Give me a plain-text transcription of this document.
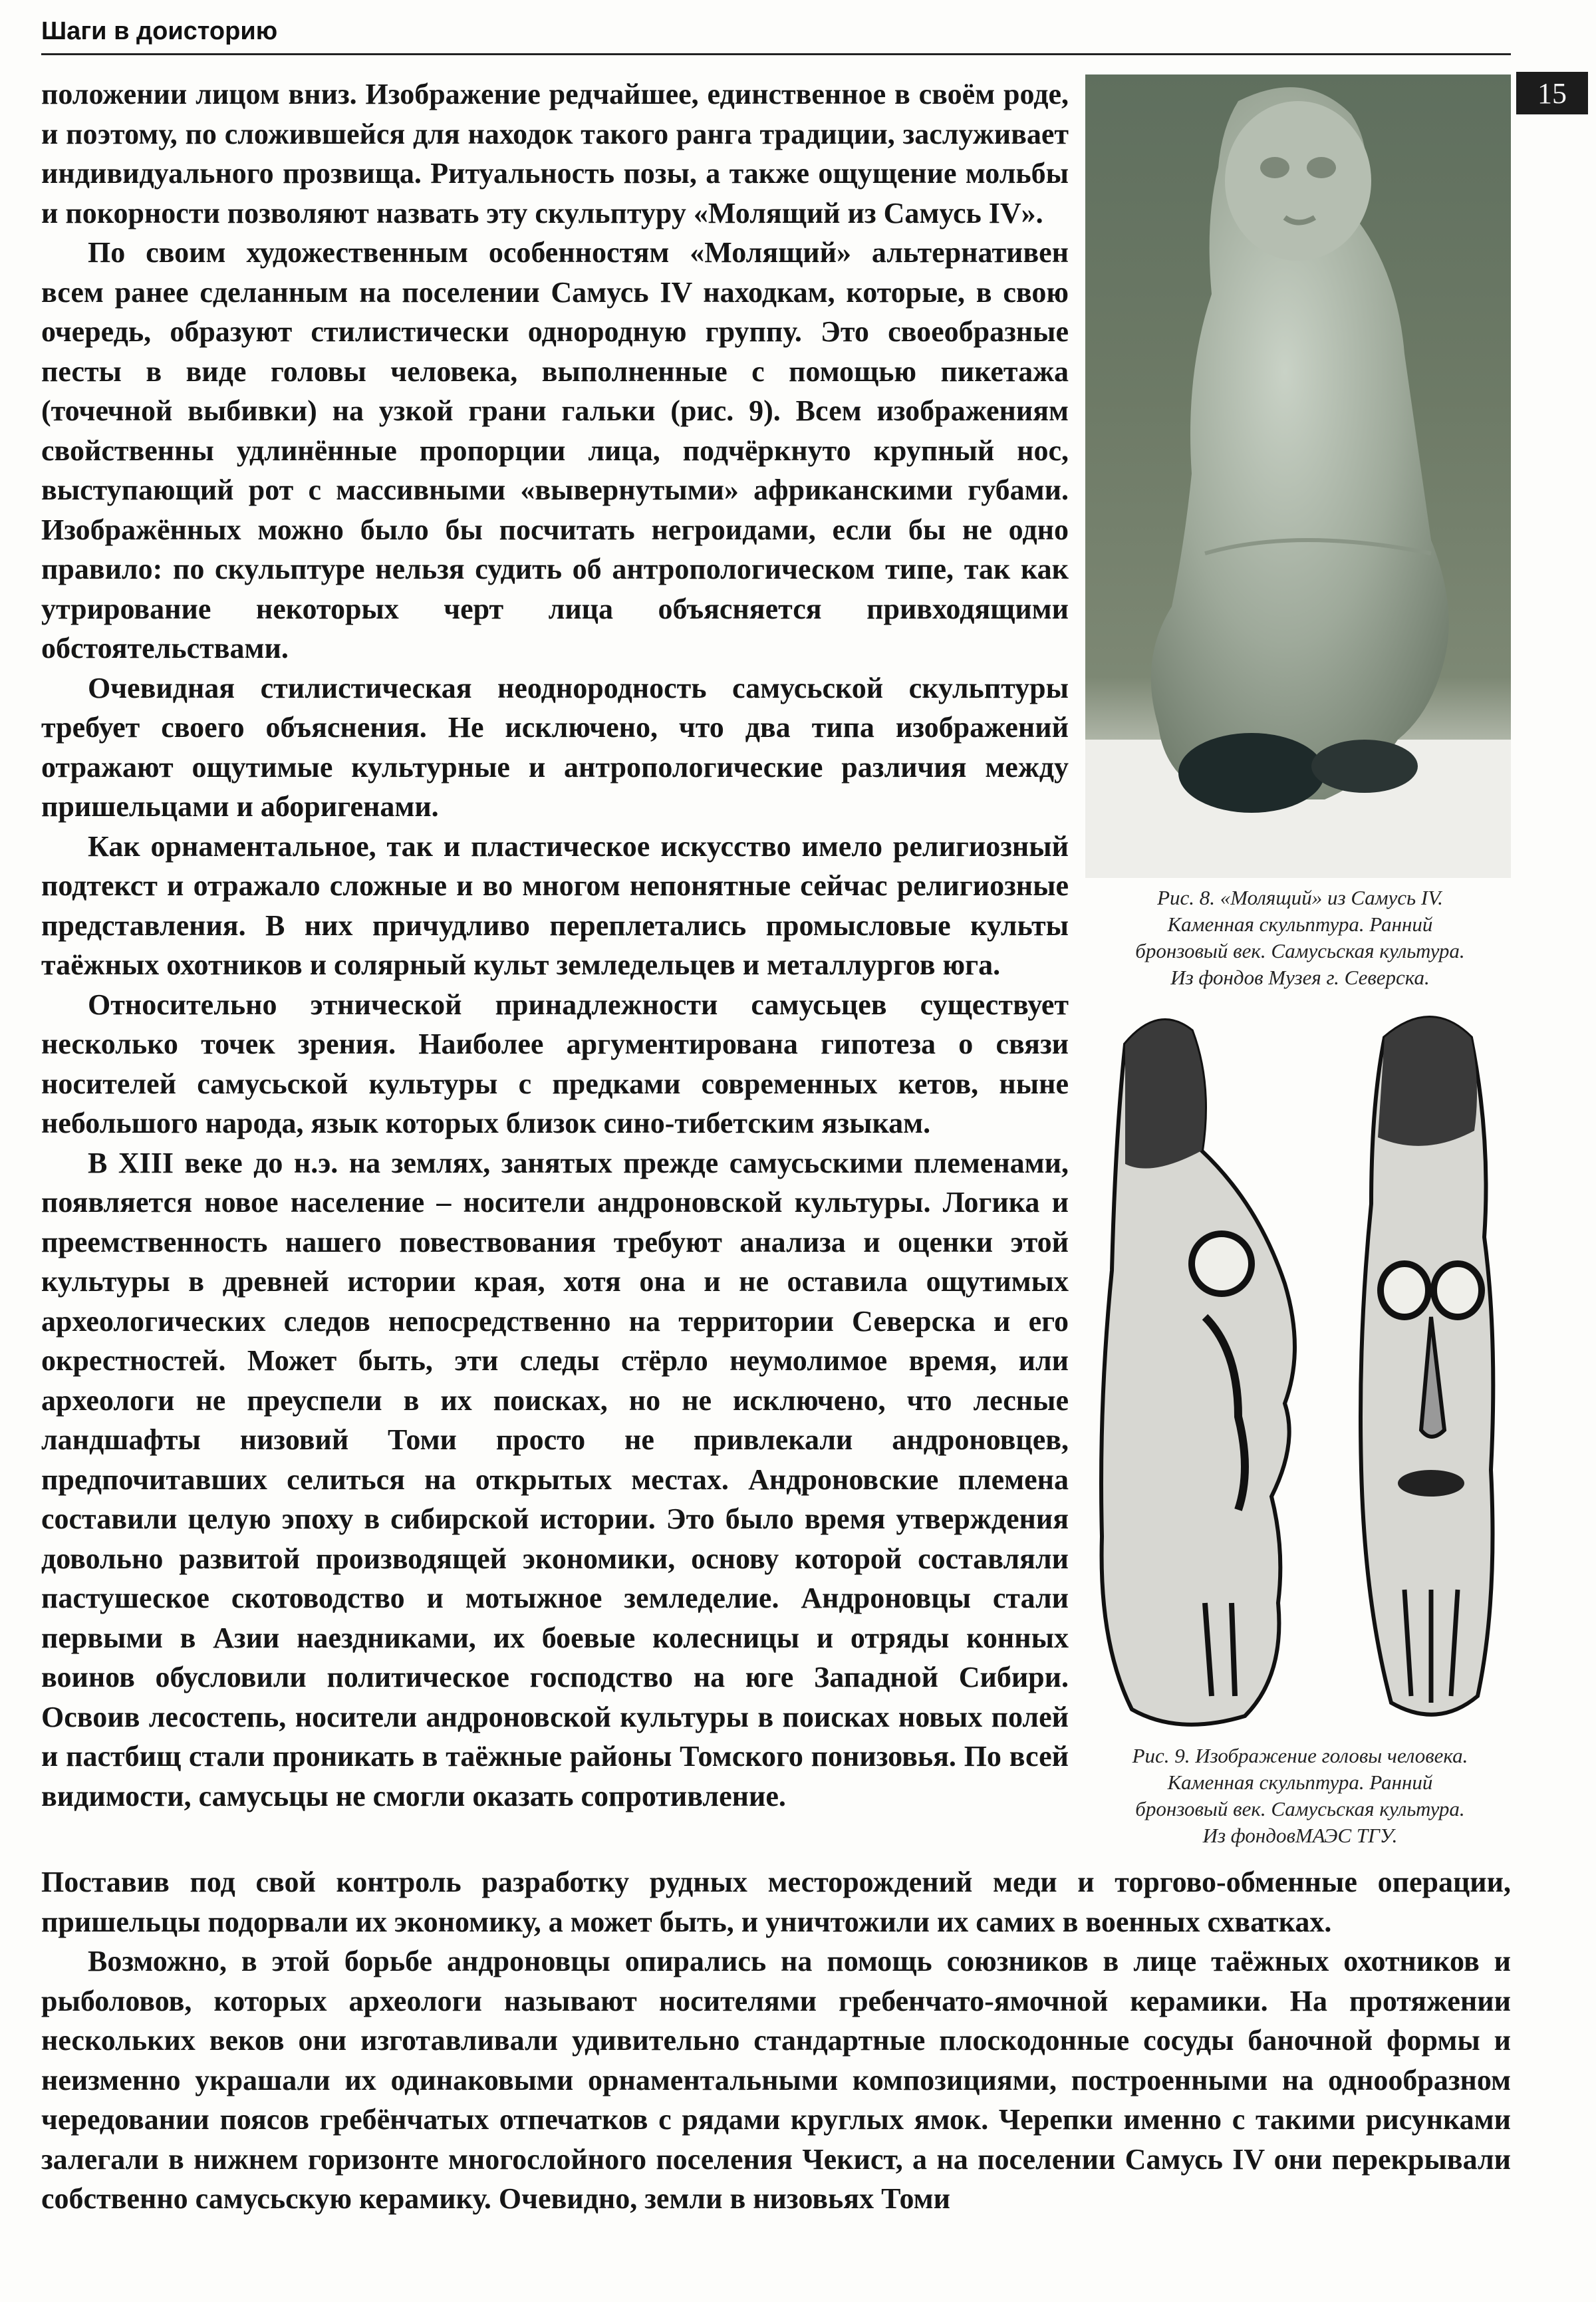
Шаги в доисторию
15

положении лицом вниз. Изображение редчайшее, единственное в своём роде, и поэтому, по сложившейся для находок такого ранга традиции, заслуживает индивидуального прозвища. Ритуальность позы, а также ощущение мольбы и покорности позволяют назвать эту скульптуру «Молящий из Самусь IV».

По своим художественным особенностям «Молящий» альтернативен всем ранее сделанным на поселении Самусь IV находкам, которые, в свою очередь, образуют стилистически однородную группу. Это своеобразные песты в виде головы человека, выполненные с помощью пикетажа (точечной выбивки) на узкой грани гальки (рис. 9). Всем изображениям свойственны удлинённые пропорции лица, подчёркнуто крупный нос, выступающий рот с массивными «вывернутыми» африканскими губами. Изображённых можно было бы посчитать негроидами, если бы не одно правило: по скульптуре нельзя судить об антропологическом типе, так как утрирование некоторых черт лица объясняется привходящими обстоятельствами.

Очевидная стилистическая неоднородность самусьской скульптуры требует своего объяснения. Не исключено, что два типа изображений отражают ощутимые культурные и антропологические различия между пришельцами и аборигенами.

Как орнаментальное, так и пластическое искусство имело религиозный подтекст и отражало сложные и во многом непонятные сейчас религиозные представления. В них причудливо переплетались промысловые культы таёжных охотников и солярный культ земледельцев и металлургов юга.

Относительно этнической принадлежности самусьцев существует несколько точек зрения. Наиболее аргументирована гипотеза о связи носителей самусьской культуры с предками современных кетов, ныне небольшого народа, язык которых близок сино-тибетским языкам.

В XIII веке до н.э. на землях, занятых прежде самусьскими племенами, появляется новое население – носители андроновской культуры. Логика и преемственность нашего повествования требуют анализа и оценки этой культуры в древней истории края, хотя она и не оставила ощутимых археологических следов непосредственно на территории Северска и его окрестностей. Может быть, эти следы стёрло неумолимое время, или археологи не преуспели в их поисках, но не исключено, что лесные ландшафты низовий Томи просто не привлекали андроновцев, предпочитавших селиться на открытых местах. Андроновские племена составили целую эпоху в сибирской истории. Это было время утверждения довольно развитой производящей экономики, основу которой составляли пастушеское скотоводство и мотыжное земледелие. Андроновцы стали первыми в Азии наездниками, их боевые колесницы и отряды конных воинов обусловили политическое господство на юге Западной Сибири. Освоив лесостепь, носители андроновской культуры в поисках новых полей и пастбищ стали проникать в таёжные районы Томского понизовья. По всей видимости, самусьцы не смогли оказать сопротивление.

Рис. 8. «Молящий» из Самусь IV.
Каменная скульптура. Ранний
бронзовый век. Самусьская культура.
Из фондов Музея г. Северска.
Рис. 9. Изображение головы человека.
Каменная скульптура. Ранний
бронзовый век. Самусьская культура.
Из фондовМАЭС ТГУ.

Поставив под свой контроль разработку рудных месторождений меди и торгово-обменные операции, пришельцы подорвали их экономику, а может быть, и уничтожили их самих в военных схватках.

Возможно, в этой борьбе андроновцы опирались на помощь союзников в лице таёжных охотников и рыболовов, которых археологи называют носителями гребенчато-ямочной керамики. На протяжении нескольких веков они изготавливали удивительно стандартные плоскодонные сосуды баночной формы и неизменно украшали их одинаковыми орнаментальными композициями, построенными на однообразном чередовании поясов гребёнчатых отпечатков с рядами круглых ямок. Черепки именно с такими рисунками залегали в нижнем горизонте многослойного поселения Чекист, а на поселении Самусь IV они перекрывали собственно самусьскую керамику. Очевидно, земли в низовьях Томи
